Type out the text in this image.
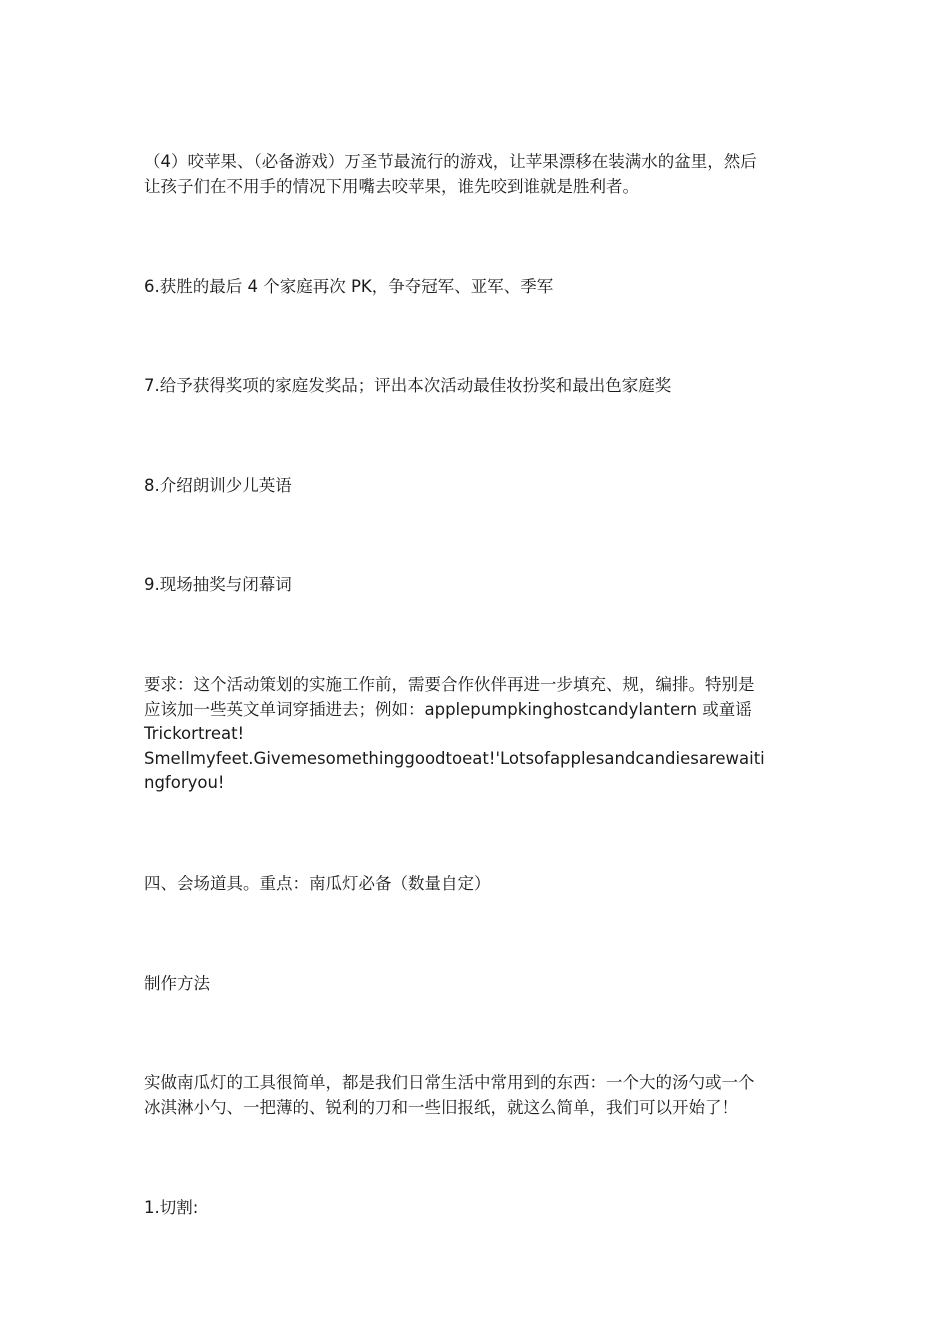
（4）咬苹果、（必备游戏）万圣节最流行的游戏，让苹果漂移在装满水的盆里，然后
让孩子们在不用手的情况下用嘴去咬苹果，谁先咬到谁就是胜利者。

6.获胜的最后 4 个家庭再次 PK，争夺冠军、亚军、季军

7.给予获得奖项的家庭发奖品；评出本次活动最佳妆扮奖和最出色家庭奖

8.介绍朗训少儿英语

9.现场抽奖与闭幕词

要求：这个活动策划的实施工作前，需要合作伙伴再进一步填充、规，编排。特别是
应该加一些英文单词穿插进去；例如：applepumpkinghostcandylantern 或童谣
Trickortreat!
Smellmyfeet.Givemesomethinggoodtoeat!'Lotsofapplesandcandiesarewaiti
ngforyou!

四、会场道具。重点：南瓜灯必备（数量自定）

制作方法

实做南瓜灯的工具很简单，都是我们日常生活中常用到的东西：一个大的汤勺或一个
冰淇淋小勺、一把薄的、锐利的刀和一些旧报纸，就这么简单，我们可以开始了！

1.切割:
